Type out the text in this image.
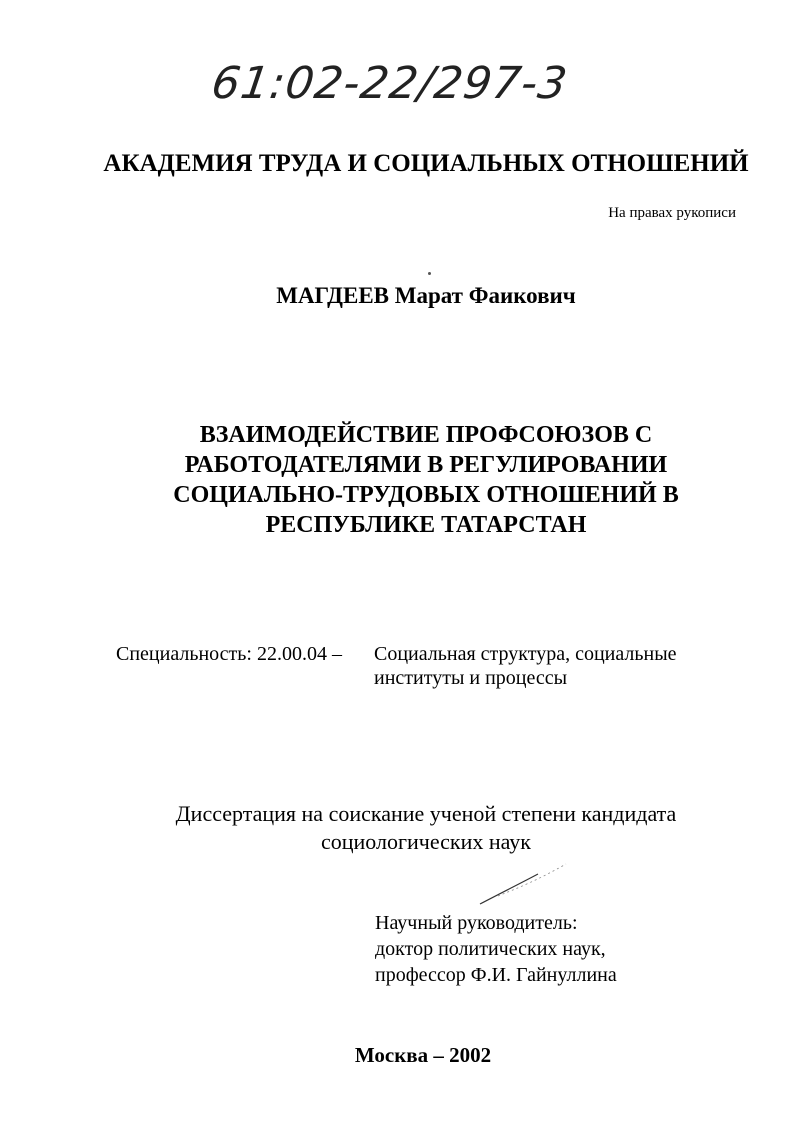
61:02-22/297-3
АКАДЕМИЯ ТРУДА И СОЦИАЛЬНЫХ ОТНОШЕНИЙ
На правах рукописи
МАГДЕЕВ Марат Фаикович
ВЗАИМОДЕЙСТВИЕ ПРОФСОЮЗОВ С
РАБОТОДАТЕЛЯМИ В РЕГУЛИРОВАНИИ
СОЦИАЛЬНО-ТРУДОВЫХ ОТНОШЕНИЙ В
РЕСПУБЛИКЕ ТАТАРСТАН
Специальность: 22.00.04 – Социальная структура, социальные
институты и процессы
Диссертация на соискание ученой степени кандидата
социологических наук
Научный руководитель:
доктор политических наук,
профессор Ф.И. Гайнуллина
Москва – 2002
